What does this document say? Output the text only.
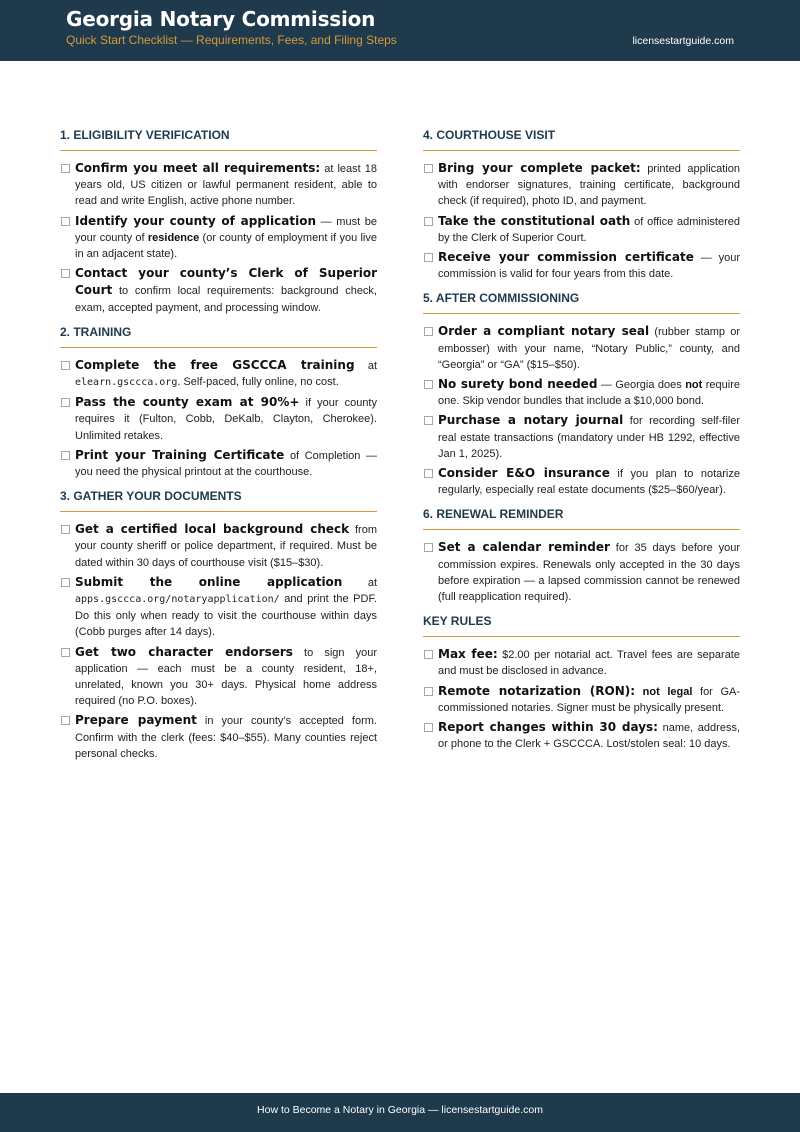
Georgia Notary Commission
Quick Start Checklist — Requirements, Fees, and Filing Steps	licensestartguide.com
1. ELIGIBILITY VERIFICATION
Confirm you meet all requirements: at least 18 years old, US citizen or lawful permanent resident, able to read and write English, active phone number.
Identify your county of application — must be your county of residence (or county of employment if you live in an adjacent state).
Contact your county’s Clerk of Superior Court to confirm local requirements: background check, exam, accepted payment, and processing window.
2. TRAINING
Complete the free GSCCCA training at elearn.gsccca.org. Self-paced, fully online, no cost.
Pass the county exam at 90%+ if your county requires it (Fulton, Cobb, DeKalb, Clayton, Cherokee). Unlimited retakes.
Print your Training Certificate of Completion — you need the physical printout at the courthouse.
3. GATHER YOUR DOCUMENTS
Get a certified local background check from your county sheriff or police department, if required. Must be dated within 30 days of courthouse visit ($15–$30).
Submit the online application at apps.gsccca.org/notaryapplication/ and print the PDF. Do this only when ready to visit the courthouse within days (Cobb purges after 14 days).
Get two character endorsers to sign your application — each must be a county resident, 18+, unrelated, known you 30+ days. Physical home address required (no P.O. boxes).
Prepare payment in your county’s accepted form. Confirm with the clerk (fees: $40–$55). Many counties reject personal checks.
4. COURTHOUSE VISIT
Bring your complete packet: printed application with endorser signatures, training certificate, background check (if required), photo ID, and payment.
Take the constitutional oath of office administered by the Clerk of Superior Court.
Receive your commission certificate — your commission is valid for four years from this date.
5. AFTER COMMISSIONING
Order a compliant notary seal (rubber stamp or embosser) with your name, “Notary Public,” county, and “Georgia” or “GA” ($15–$50).
No surety bond needed — Georgia does not require one. Skip vendor bundles that include a $10,000 bond.
Purchase a notary journal for recording self-filer real estate transactions (mandatory under HB 1292, effective Jan 1, 2025).
Consider E&O insurance if you plan to notarize regularly, especially real estate documents ($25–$60/year).
6. RENEWAL REMINDER
Set a calendar reminder for 35 days before your commission expires. Renewals only accepted in the 30 days before expiration — a lapsed commission cannot be renewed (full reapplication required).
KEY RULES
Max fee: $2.00 per notarial act. Travel fees are separate and must be disclosed in advance.
Remote notarization (RON): not legal for GA-commissioned notaries. Signer must be physically present.
Report changes within 30 days: name, address, or phone to the Clerk + GSCCCA. Lost/stolen seal: 10 days.
How to Become a Notary in Georgia — licensestartguide.com
